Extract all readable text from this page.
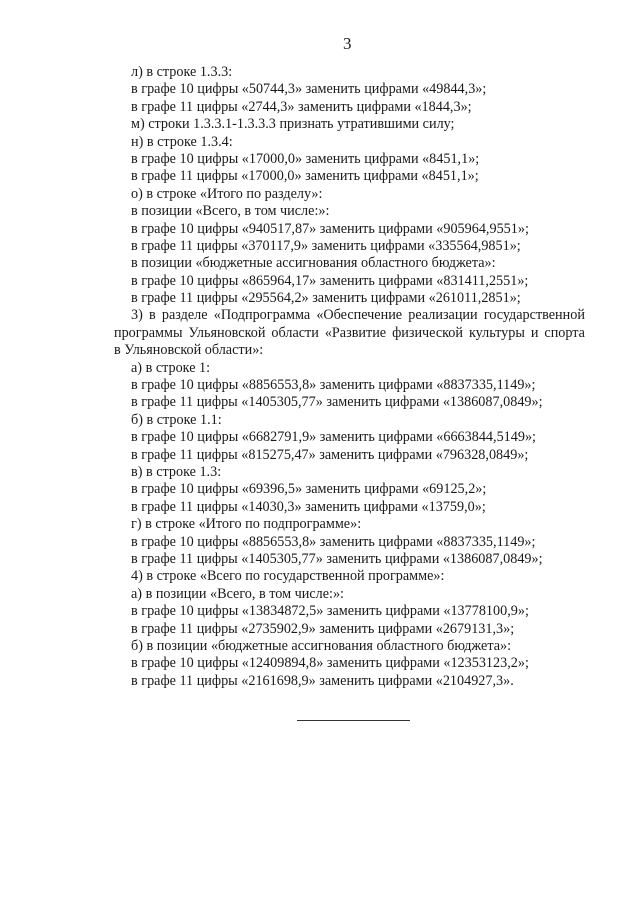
3
л) в строке 1.3.3:
в графе 10 цифры «50744,3» заменить цифрами «49844,3»;
в графе 11 цифры «2744,3» заменить цифрами «1844,3»;
м) строки 1.3.3.1-1.3.3.3 признать утратившими силу;
н) в строке 1.3.4:
в графе 10 цифры «17000,0» заменить цифрами «8451,1»;
в графе 11 цифры «17000,0» заменить цифрами «8451,1»;
о) в строке «Итого по разделу»:
в позиции «Всего, в том числе:»:
в графе 10 цифры «940517,87» заменить цифрами «905964,9551»;
в графе 11 цифры «370117,9» заменить цифрами «335564,9851»;
в позиции «бюджетные ассигнования областного бюджета»:
в графе 10 цифры «865964,17» заменить цифрами «831411,2551»;
в графе 11 цифры «295564,2» заменить цифрами «261011,2851»;
3) в разделе «Подпрограмма «Обеспечение реализации государственной
программы Ульяновской области «Развитие физической культуры и спорта
в Ульяновской области»:
а) в строке 1:
в графе 10 цифры «8856553,8» заменить цифрами «8837335,1149»;
в графе 11 цифры «1405305,77» заменить цифрами «1386087,0849»;
б) в строке 1.1:
в графе 10 цифры «6682791,9» заменить цифрами «6663844,5149»;
в графе 11 цифры «815275,47» заменить цифрами «796328,0849»;
в) в строке 1.3:
в графе 10 цифры «69396,5» заменить цифрами «69125,2»;
в графе 11 цифры «14030,3» заменить цифрами «13759,0»;
г) в строке «Итого по подпрограмме»:
в графе 10 цифры «8856553,8» заменить цифрами «8837335,1149»;
в графе 11 цифры «1405305,77» заменить цифрами «1386087,0849»;
4) в строке «Всего по государственной программе»:
а) в позиции «Всего, в том числе:»:
в графе 10 цифры «13834872,5» заменить цифрами «13778100,9»;
в графе 11 цифры «2735902,9» заменить цифрами «2679131,3»;
б) в позиции «бюджетные ассигнования областного бюджета»:
в графе 10 цифры «12409894,8» заменить цифрами «12353123,2»;
в графе 11 цифры «2161698,9» заменить цифрами «2104927,3».
